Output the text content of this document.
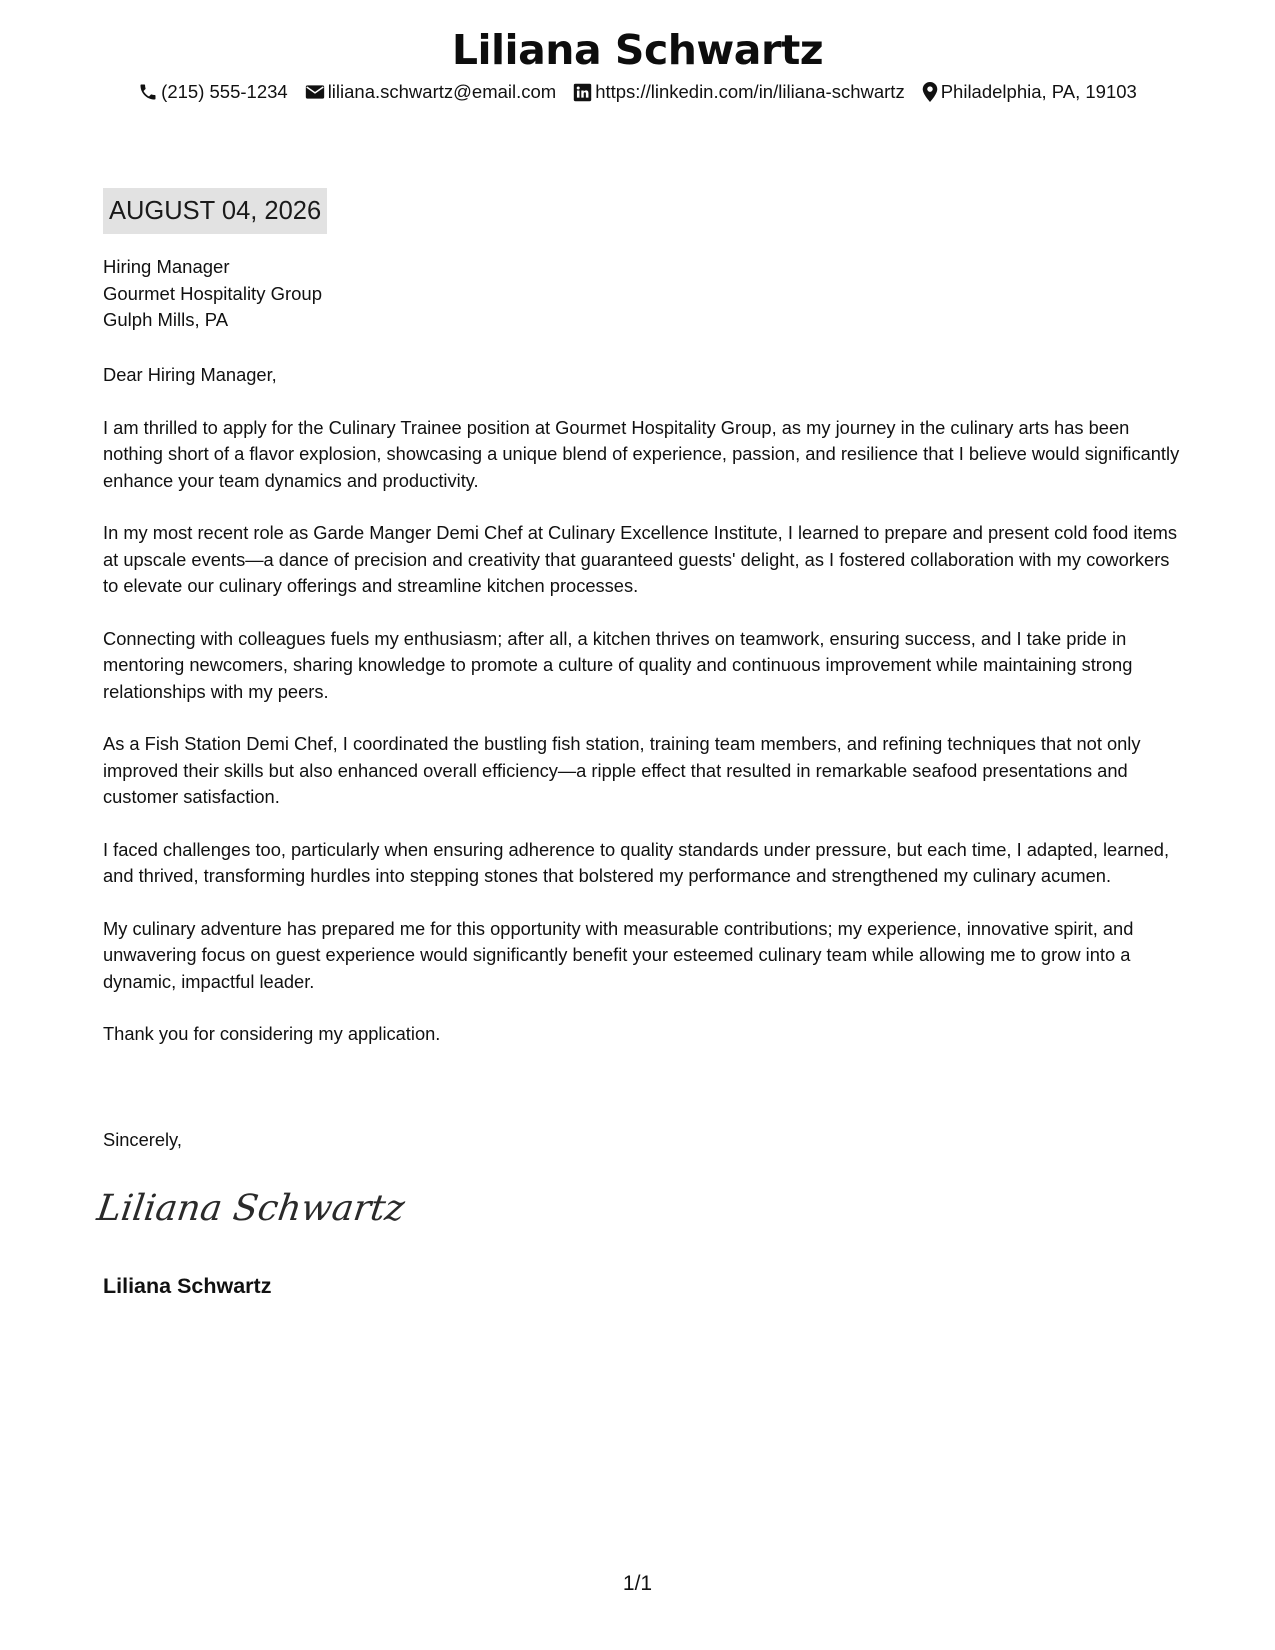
Liliana Schwartz
(215) 555-1234 liliana.schwartz@email.com https://linkedin.com/in/liliana-schwartz Philadelphia, PA, 19103
AUGUST 04, 2026
Hiring Manager
Gourmet Hospitality Group
Gulph Mills, PA

Dear Hiring Manager,

I am thrilled to apply for the Culinary Trainee position at Gourmet Hospitality Group, as my journey in the culinary arts has been nothing short of a flavor explosion, showcasing a unique blend of experience, passion, and resilience that I believe would significantly enhance your team dynamics and productivity.

In my most recent role as Garde Manger Demi Chef at Culinary Excellence Institute, I learned to prepare and present cold food items at upscale events—a dance of precision and creativity that guaranteed guests' delight, as I fostered collaboration with my coworkers to elevate our culinary offerings and streamline kitchen processes.

Connecting with colleagues fuels my enthusiasm; after all, a kitchen thrives on teamwork, ensuring success, and I take pride in mentoring newcomers, sharing knowledge to promote a culture of quality and continuous improvement while maintaining strong relationships with my peers.

As a Fish Station Demi Chef, I coordinated the bustling fish station, training team members, and refining techniques that not only improved their skills but also enhanced overall efficiency—a ripple effect that resulted in remarkable seafood presentations and customer satisfaction.

I faced challenges too, particularly when ensuring adherence to quality standards under pressure, but each time, I adapted, learned, and thrived, transforming hurdles into stepping stones that bolstered my performance and strengthened my culinary acumen.

My culinary adventure has prepared me for this opportunity with measurable contributions; my experience, innovative spirit, and unwavering focus on guest experience would significantly benefit your esteemed culinary team while allowing me to grow into a dynamic, impactful leader.

Thank you for considering my application.

Sincerely,
Liliana Schwartz
Liliana Schwartz
1/1
